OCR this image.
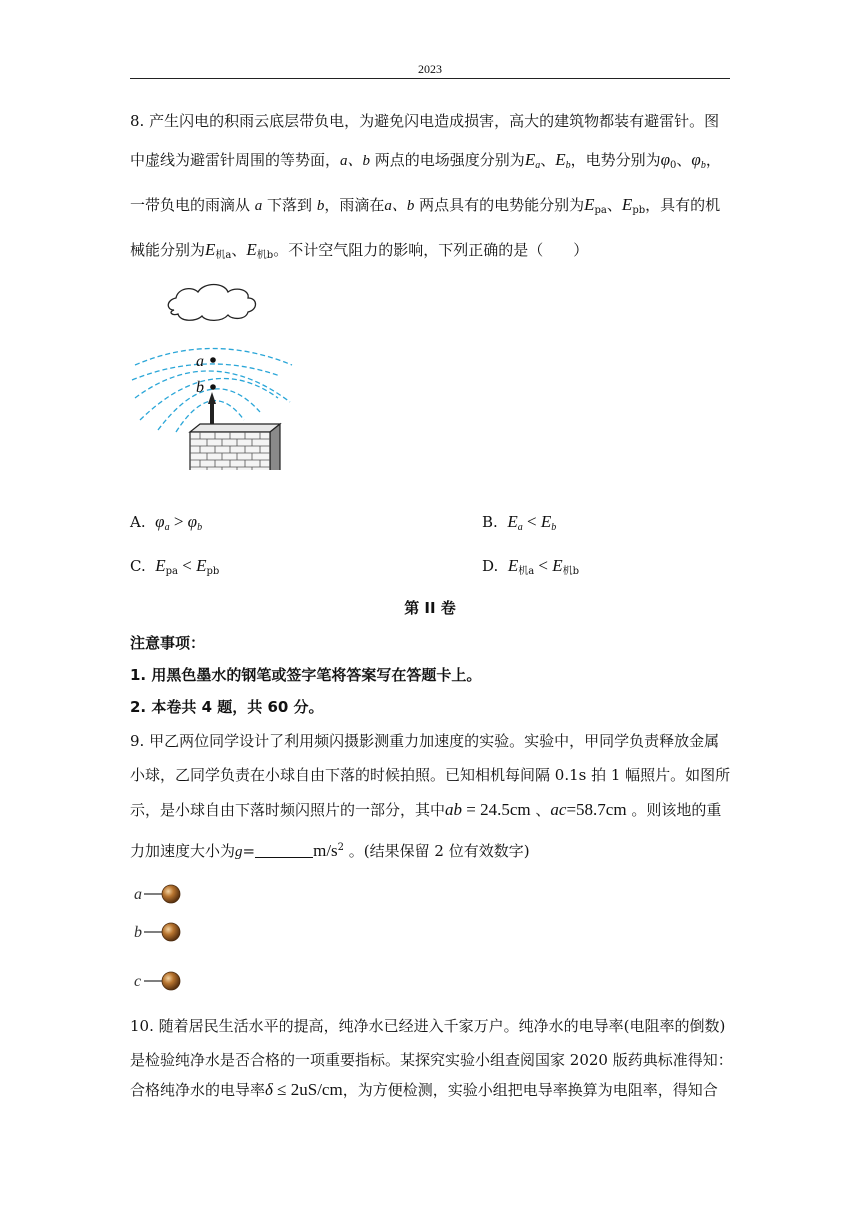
2023
8. 产生闪电的积雨云底层带负电，为避免闪电造成损害，高大的建筑物都装有避雷针。图
中虚线为避雷针周围的等势面，a、b 两点的电场强度分别为$E_a$、$E_b$，电势分别为$\varphi_0$、$\varphi_b$，
一带负电的雨滴从 a 下落到 b，雨滴在a、b 两点具有的电势能分别为$E_{pa}$、$E_{pb}$，具有的机
械能分别为$E_{机a}$、$E_{机b}$。不计空气阻力的影响，下列正确的是（　　）
a
b
A. $\varphi_a > \varphi_b$	B. $E_a < E_b$
C. $E_{pa} < E_{pb}$	D. $E_{机a} < E_{机b}$
第 II 卷
注意事项：
1. 用黑色墨水的钢笔或签字笔将答案写在答题卡上。
2. 本卷共 4 题，共 60 分。
9. 甲乙两位同学设计了利用频闪摄影测重力加速度的实验。实验中，甲同学负责释放金属
小球，乙同学负责在小球自由下落的时候拍照。已知相机每间隔 0.1s 拍 1 幅照片。如图所
示，是小球自由下落时频闪照片的一部分，其中ab = 24.5cm 、ac=58.7cm 。则该地的重
力加速度大小为g=	$m/s^2$ 。(结果保留 2 位有效数字)
a
b
c
10. 随着居民生活水平的提高，纯净水已经进入千家万户。纯净水的电导率(电阻率的倒数)
是检验纯净水是否合格的一项重要指标。某探究实验小组查阅国家 2020 版药典标准得知：
合格纯净水的电导率δ ≤ 2uS/cm，为方便检测，实验小组把电导率换算为电阻率，得知合
